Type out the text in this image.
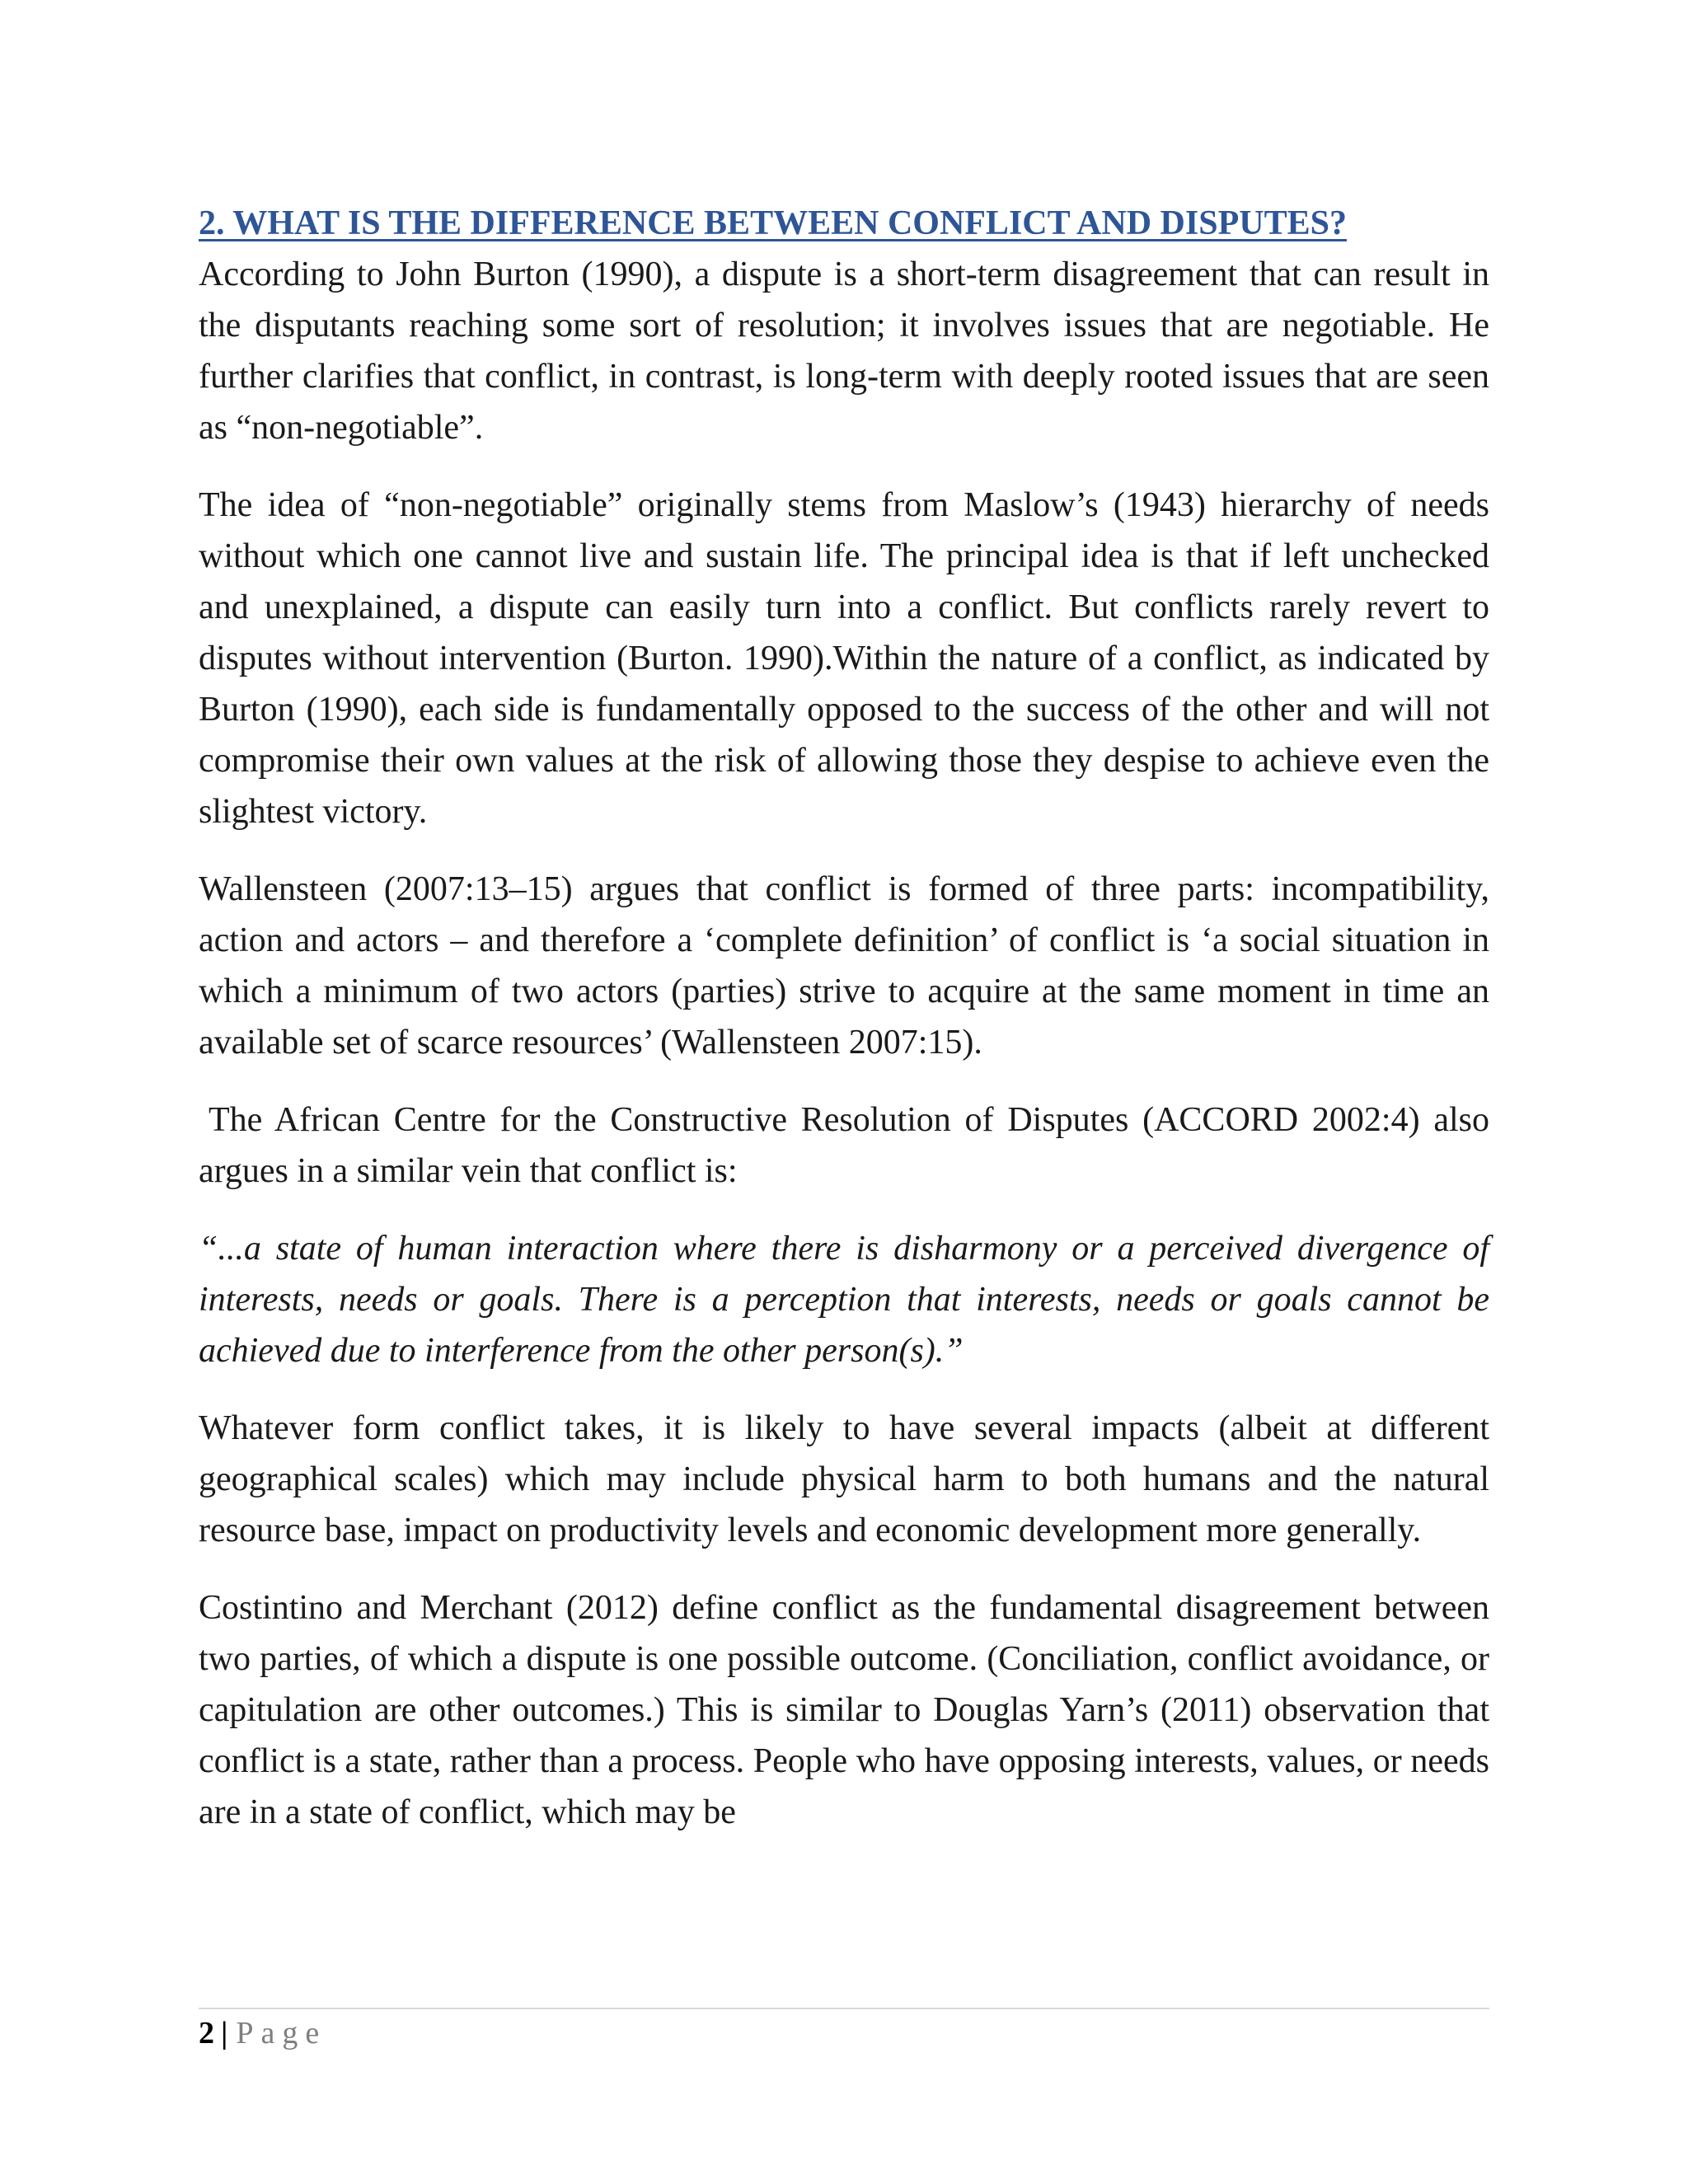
2. WHAT IS THE DIFFERENCE BETWEEN CONFLICT AND DISPUTES?

According to John Burton (1990), a dispute is a short-term disagreement that can result in the disputants reaching some sort of resolution; it involves issues that are negotiable. He further clarifies that conflict, in contrast, is long-term with deeply rooted issues that are seen as “non-negotiable”.

The idea of “non-negotiable” originally stems from Maslow’s (1943) hierarchy of needs without which one cannot live and sustain life. The principal idea is that if left unchecked and unexplained, a dispute can easily turn into a conflict. But conflicts rarely revert to disputes without intervention (Burton. 1990).Within the nature of a conflict, as indicated by Burton (1990), each side is fundamentally opposed to the success of the other and will not compromise their own values at the risk of allowing those they despise to achieve even the slightest victory.

Wallensteen (2007:13–15) argues that conflict is formed of three parts: incompatibility, action and actors – and therefore a ‘complete definition’ of conflict is ‘a social situation in which a minimum of two actors (parties) strive to acquire at the same moment in time an available set of scarce resources’ (Wallensteen 2007:15).

The African Centre for the Constructive Resolution of Disputes (ACCORD 2002:4) also argues in a similar vein that conflict is:

“...a state of human interaction where there is disharmony or a perceived divergence of interests, needs or goals. There is a perception that interests, needs or goals cannot be achieved due to interference from the other person(s).”

Whatever form conflict takes, it is likely to have several impacts (albeit at different geographical scales) which may include physical harm to both humans and the natural resource base, impact on productivity levels and economic development more generally.

Costintino and Merchant (2012) define conflict as the fundamental disagreement between two parties, of which a dispute is one possible outcome. (Conciliation, conflict avoidance, or capitulation are other outcomes.) This is similar to Douglas Yarn’s (2011) observation that conflict is a state, rather than a process. People who have opposing interests, values, or needs are in a state of conflict, which may be

2 | Page
